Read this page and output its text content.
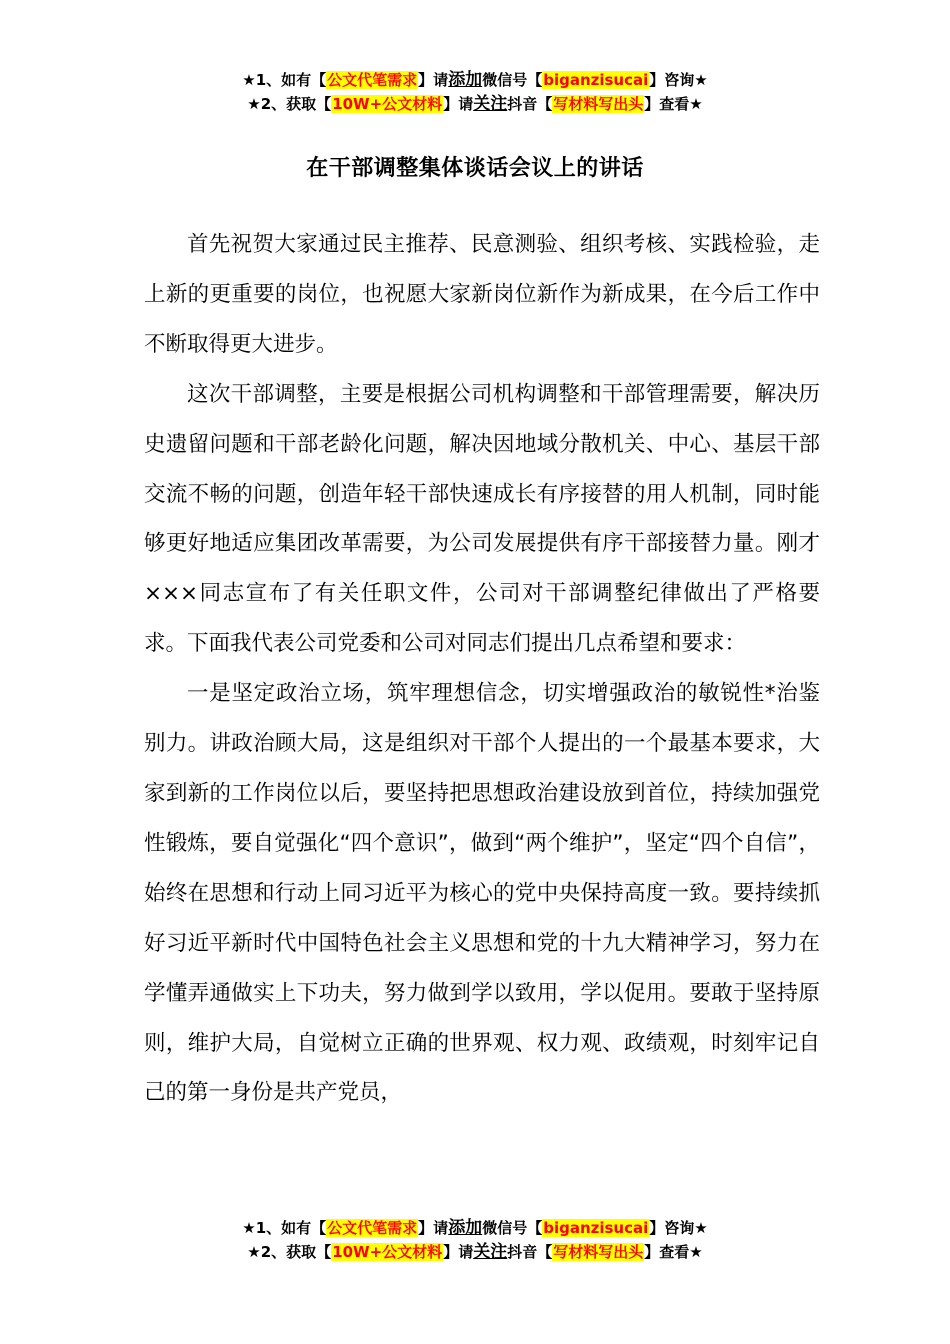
★1、如有【公文代笔需求】请添加微信号【biganzisucai】咨询★
★2、获取【10W+公文材料】请关注抖音【写材料写出头】查看★
在干部调整集体谈话会议上的讲话

首先祝贺大家通过民主推荐、民意测验、组织考核、实践检验，走上新的更重要的岗位，也祝愿大家新岗位新作为新成果，在今后工作中不断取得更大进步。

这次干部调整，主要是根据公司机构调整和干部管理需要，解决历史遗留问题和干部老龄化问题，解决因地域分散机关、中心、基层干部交流不畅的问题，创造年轻干部快速成长有序接替的用人机制，同时能够更好地适应集团改革需要，为公司发展提供有序干部接替力量。刚才×××同志宣布了有关任职文件，公司对干部调整纪律做出了严格要求。下面我代表公司党委和公司对同志们提出几点希望和要求：

一是坚定政治立场，筑牢理想信念，切实增强政治的敏锐性*治鉴别力。讲政治顾大局，这是组织对干部个人提出的一个最基本要求，大家到新的工作岗位以后，要坚持把思想政治建设放到首位，持续加强党性锻炼，要自觉强化“四个意识”，做到“两个维护”，坚定“四个自信”，始终在思想和行动上同习近平为核心的党中央保持高度一致。要持续抓好习近平新时代中国特色社会主义思想和党的十九大精神学习，努力在学懂弄通做实上下功夫，努力做到学以致用，学以促用。要敢于坚持原则，维护大局，自觉树立正确的世界观、权力观、政绩观，时刻牢记自己的第一身份是共产党员，

★1、如有【公文代笔需求】请添加微信号【biganzisucai】咨询★
★2、获取【10W+公文材料】请关注抖音【写材料写出头】查看★
